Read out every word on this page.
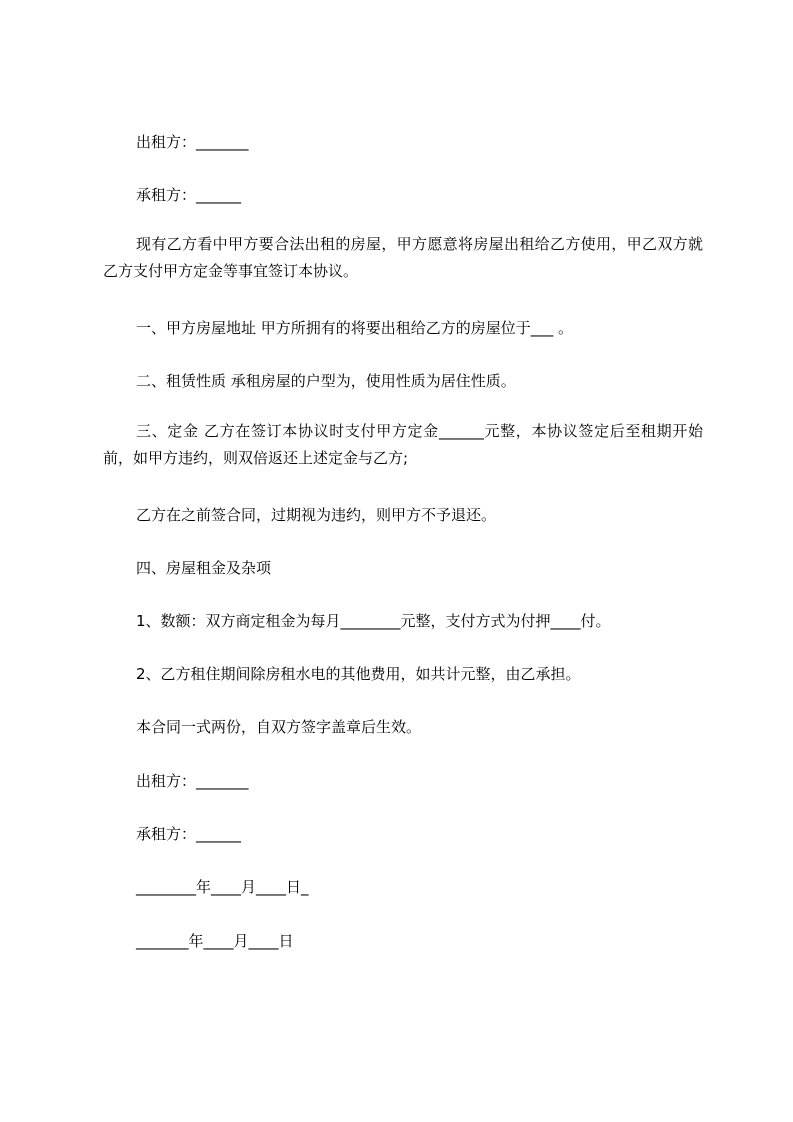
出租方：_______

承租方：______

现有乙方看中甲方要合法出租的房屋，甲方愿意将房屋出租给乙方使用，甲乙双方就乙方支付甲方定金等事宜签订本协议。

一、甲方房屋地址 甲方所拥有的将要出租给乙方的房屋位于___ 。

二、租赁性质 承租房屋的户型为，使用性质为居住性质。

三、定金 乙方在签订本协议时支付甲方定金______元整，本协议签定后至租期开始前，如甲方违约，则双倍返还上述定金与乙方;

乙方在之前签合同，过期视为违约，则甲方不予退还。

四、房屋租金及杂项

1、数额：双方商定租金为每月________元整，支付方式为付押____付。

2、乙方租住期间除房租水电的其他费用，如共计元整，由乙承担。

本合同一式两份，自双方签字盖章后生效。

出租方：_______

承租方：______

________年____月____日_

_______年____月____日
